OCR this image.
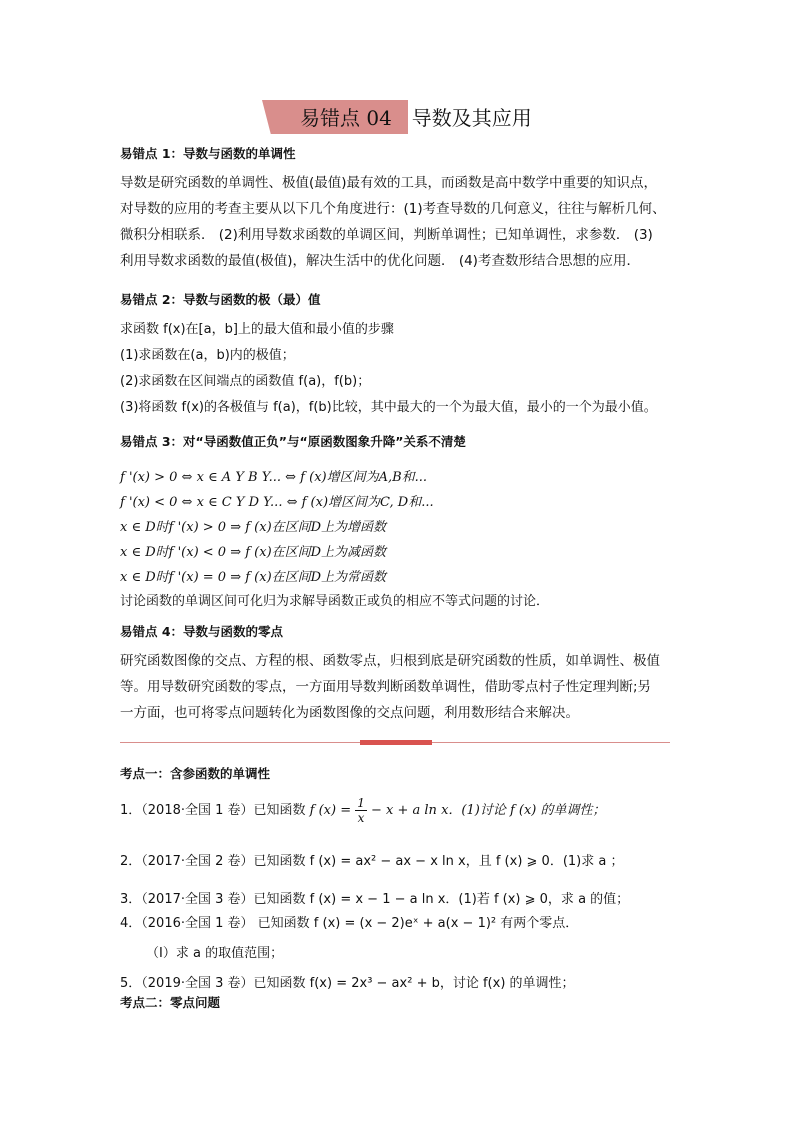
易错点 04　导数及其应用
易错点 1：导数与函数的单调性

导数是研究函数的单调性、极值(最值)最有效的工具，而函数是高中数学中重要的知识点，

对导数的应用的考查主要从以下几个角度进行：(1)考查导数的几何意义，往往与解析几何、

微积分相联系． (2)利用导数求函数的单调区间，判断单调性；已知单调性，求参数． (3)

利用导数求函数的最值(极值)，解决生活中的优化问题． (4)考查数形结合思想的应用．

易错点 2：导数与函数的极（最）值
求函数 f(x)在[a，b]上的最大值和最小值的步骤
(1)求函数在(a，b)内的极值；
(2)求函数在区间端点的函数值 f(a)，f(b)；
(3)将函数 f(x)的各极值与 f(a)，f(b)比较，其中最大的一个为最大值，最小的一个为最小值。
易错点 3：对“导函数值正负”与“原函数图象升降”关系不清楚
f '(x) > 0 ⇔ x ∈ A Y B Y... ⇔ f (x)增区间为A,B和...
f '(x) < 0 ⇔ x ∈ C Y D Y... ⇔ f (x)增区间为C, D和...
x ∈ D时f '(x) > 0 ⇒ f (x)在区间D上为增函数
x ∈ D时f '(x) < 0 ⇒ f (x)在区间D上为减函数
x ∈ D时f '(x) = 0 ⇒ f (x)在区间D上为常函数
讨论函数的单调区间可化归为求解导函数正或负的相应不等式问题的讨论．
易错点 4：导数与函数的零点

研究函数图像的交点、方程的根、函数零点，归根到底是研究函数的性质，如单调性、极值

等。用导数研究函数的零点，一方面用导数判断函数单调性，借助零点村子性定理判断;另

一方面，也可将零点问题转化为函数图像的交点问题，利用数形结合来解决。

考点一：含参函数的单调性
1．（2018·全国 1 卷）已知函数 f $(x) = \frac{1}{x} - x + a$ ln x．(1)讨论 f (x) 的单调性；
2．（2017·全国 2 卷）已知函数 f (x) = ax² − ax − x ln x，且 f (x) ⩾ 0．(1)求 a ；
3．（2017·全国 3 卷）已知函数 f (x) = x − 1 − a ln x．(1)若 f (x) ⩾ 0，求 a 的值；
4．（2016·全国 1 卷） 已知函数 f (x) = (x − 2)eˣ + a(x − 1)² 有两个零点．
（I）求 a 的取值范围；
5．（2019·全国 3 卷）已知函数 f(x) = 2x³ − ax² + b，讨论 f(x) 的单调性；
考点二：零点问题
